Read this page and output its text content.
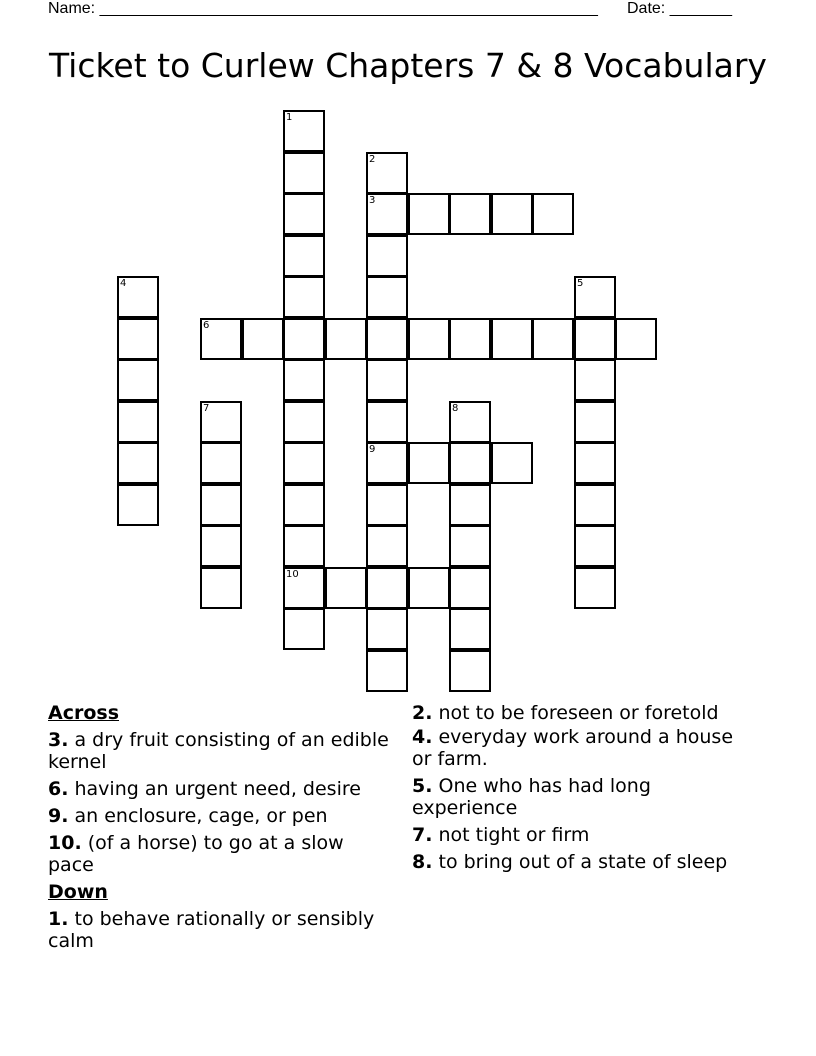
Name: ________________________________________________________ Date: _______
Ticket to Curlew Chapters 7 & 8 Vocabulary
1
10
2
3
9
4	5
6
7	8
Across
3. a dry fruit consisting of an edible kernel
6. having an urgent need, desire
9. an enclosure, cage, or pen
10. (of a horse) to go at a slow pace
Down
1. to behave rationally or sensibly calm
2. not to be foreseen or foretold
4. everyday work around a house or farm.
5. One who has had long experience
7. not tight or firm
8. to bring out of a state of sleep
